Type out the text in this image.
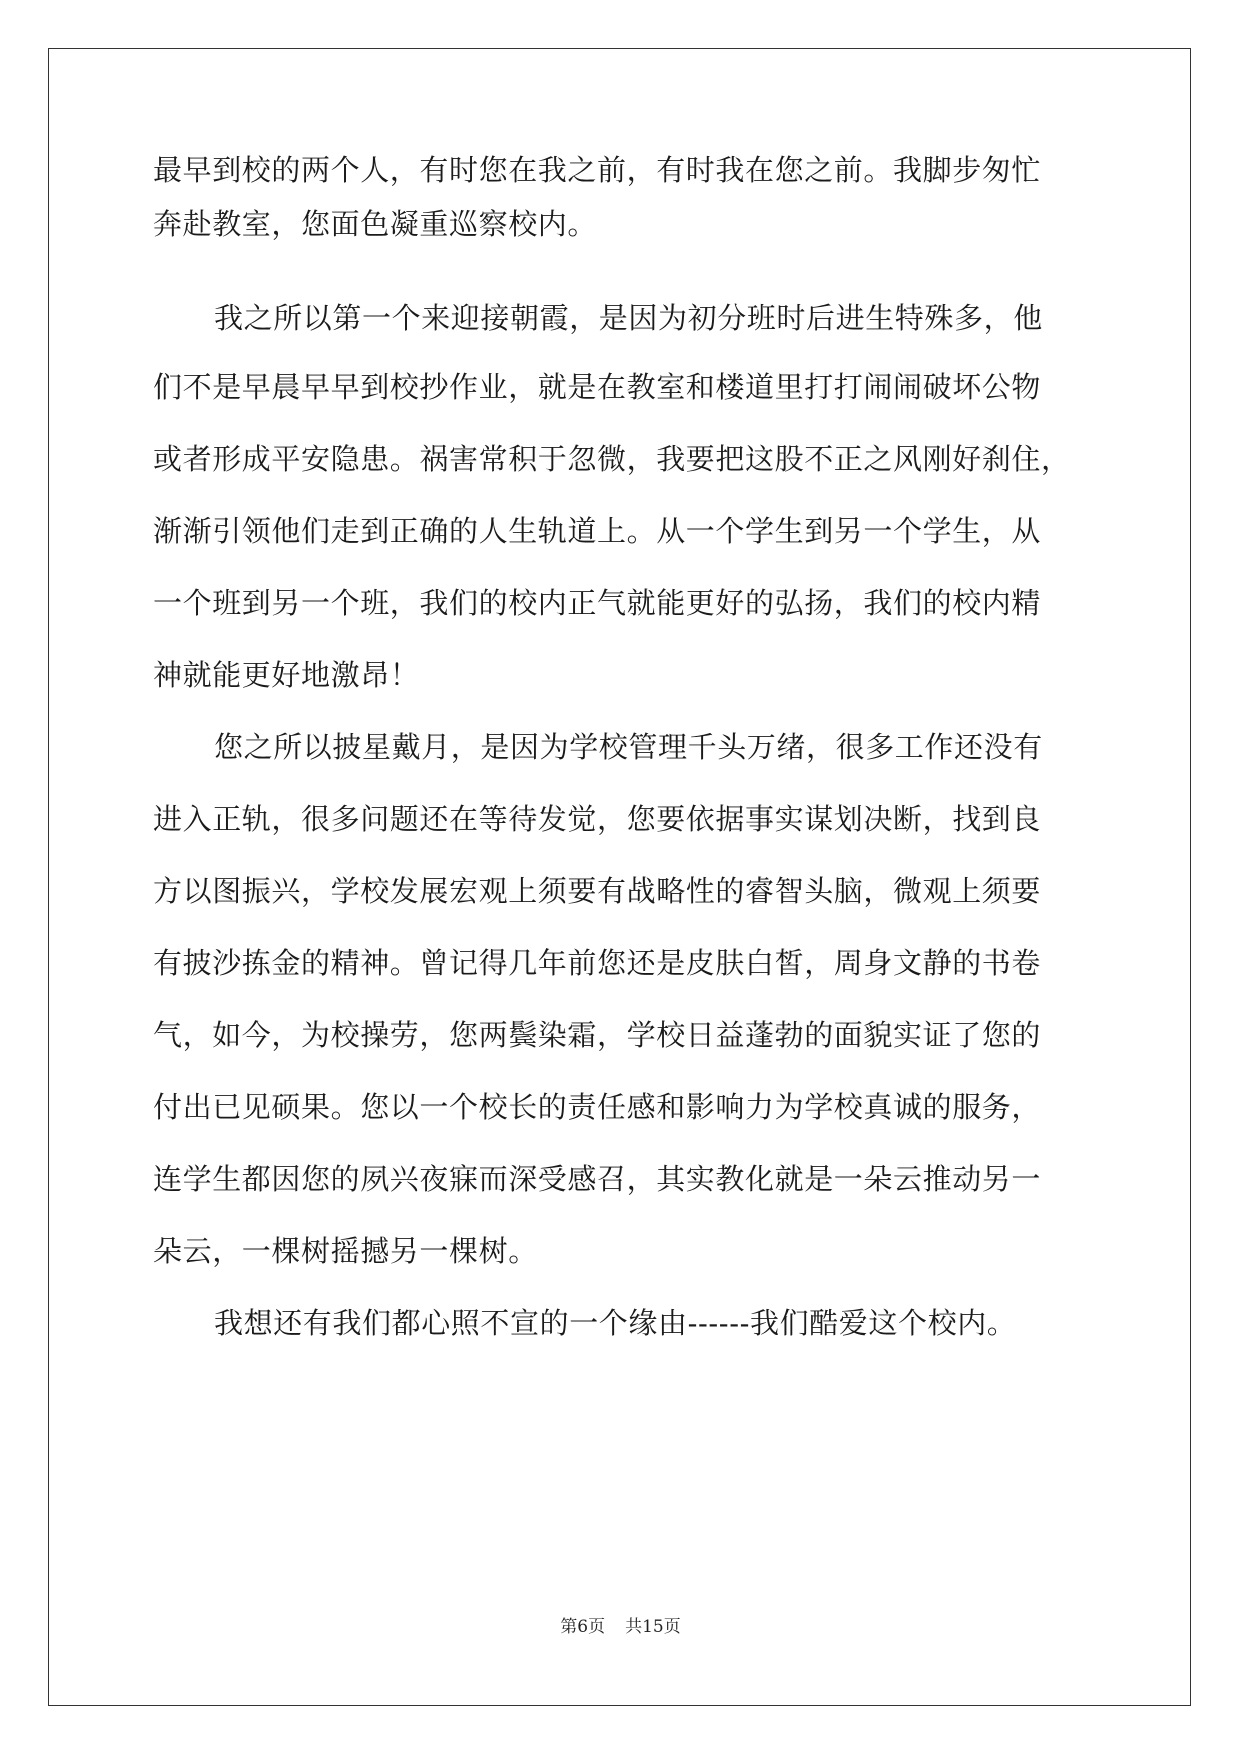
最早到校的两个人，有时您在我之前，有时我在您之前。我脚步匆忙
奔赴教室，您面色凝重巡察校内。
我之所以第一个来迎接朝霞，是因为初分班时后进生特殊多，他
们不是早晨早早到校抄作业，就是在教室和楼道里打打闹闹破坏公物
或者形成平安隐患。祸害常积于忽微，我要把这股不正之风刚好刹住，
渐渐引领他们走到正确的人生轨道上。从一个学生到另一个学生，从
一个班到另一个班，我们的校内正气就能更好的弘扬，我们的校内精
神就能更好地激昂！
您之所以披星戴月，是因为学校管理千头万绪，很多工作还没有
进入正轨，很多问题还在等待发觉，您要依据事实谋划决断，找到良
方以图振兴，学校发展宏观上须要有战略性的睿智头脑，微观上须要
有披沙拣金的精神。曾记得几年前您还是皮肤白皙，周身文静的书卷
气，如今，为校操劳，您两鬓染霜，学校日益蓬勃的面貌实证了您的
付出已见硕果。您以一个校长的责任感和影响力为学校真诚的服务，
连学生都因您的夙兴夜寐而深受感召，其实教化就是一朵云推动另一
朵云，一棵树摇撼另一棵树。
我想还有我们都心照不宣的一个缘由------我们酷爱这个校内。
第6页 共15页
